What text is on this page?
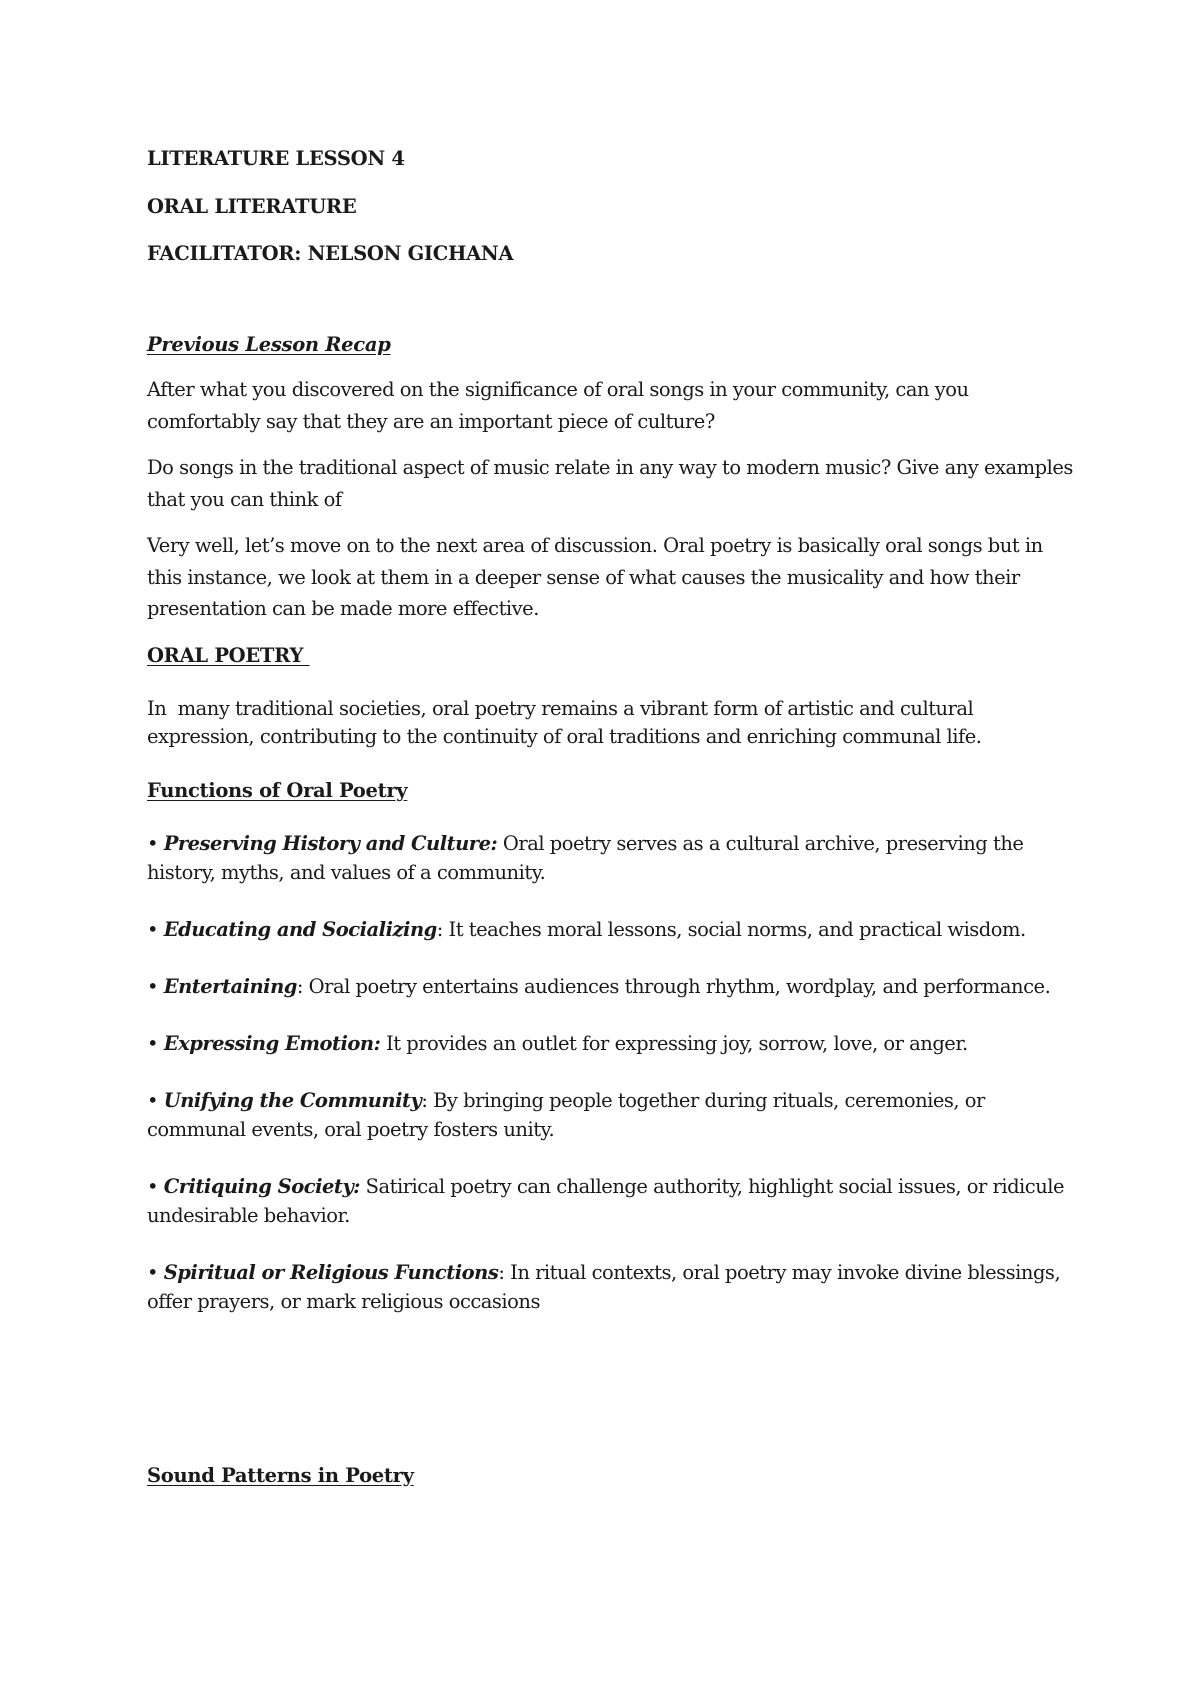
LITERATURE LESSON 4

ORAL LITERATURE

FACILITATOR: NELSON GICHANA

Previous Lesson Recap

After what you discovered on the significance of oral songs in your community, can you comfortably say that they are an important piece of culture?

Do songs in the traditional aspect of music relate in any way to modern music? Give any examples that you can think of

Very well, let’s move on to the next area of discussion. Oral poetry is basically oral songs but in this instance, we look at them in a deeper sense of what causes the musicality and how their presentation can be made more effective.

ORAL POETRY

In  many traditional societies, oral poetry remains a vibrant form of artistic and cultural expression, contributing to the continuity of oral traditions and enriching communal life.

Functions of Oral Poetry

• Preserving History and Culture: Oral poetry serves as a cultural archive, preserving the history, myths, and values of a community.
• Educating and Socializing: It teaches moral lessons, social norms, and practical wisdom.
• Entertaining: Oral poetry entertains audiences through rhythm, wordplay, and performance.
• Expressing Emotion: It provides an outlet for expressing joy, sorrow, love, or anger.
• Unifying the Community: By bringing people together during rituals, ceremonies, or communal events, oral poetry fosters unity.
• Critiquing Society: Satirical poetry can challenge authority, highlight social issues, or ridicule undesirable behavior.
• Spiritual or Religious Functions: In ritual contexts, oral poetry may invoke divine blessings, offer prayers, or mark religious occasions

Sound Patterns in Poetry
